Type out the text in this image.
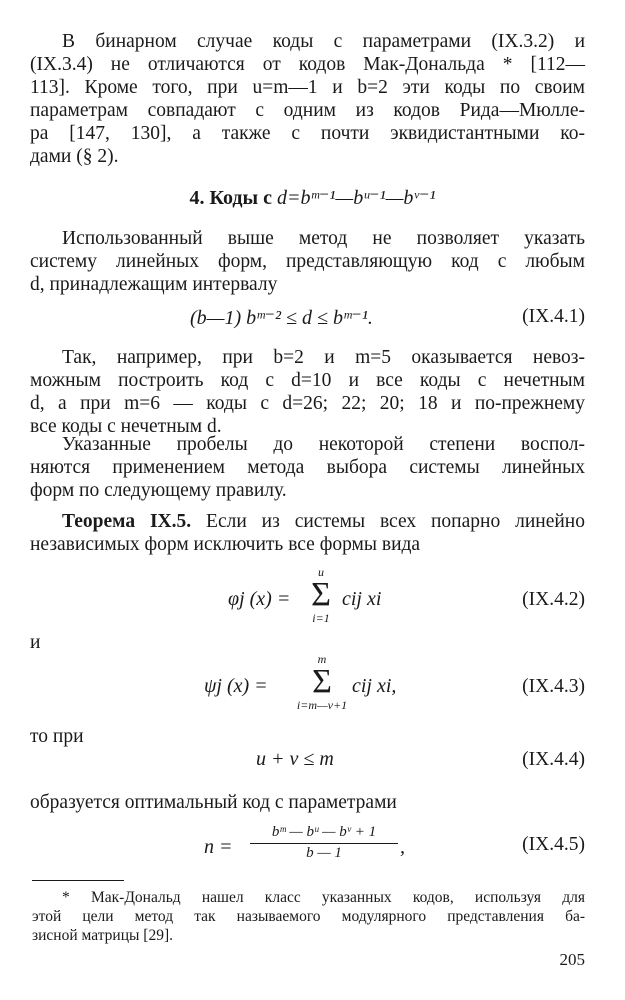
В бинарном случае коды с параметрами (IX.3.2) и
(IX.3.4) не отличаются от кодов Мак-Дональда * [112—
113]. Кроме того, при u=m—1 и b=2 эти коды по своим
параметрам совпадают с одним из кодов Рида—Мюлле-
ра [147, 130], а также с почти эквидистантными ко-
дами (§ 2).
4. Коды с d=bᵐ⁻¹—bᵘ⁻¹—bᵛ⁻¹
Использованный выше метод не позволяет указать
систему линейных форм, представляющую код с любым
d, принадлежащим интервалу
(b—1) bᵐ⁻² ≤ d ≤ bᵐ⁻¹.	(IX.4.1)
Так, например, при b=2 и m=5 оказывается невоз-
можным построить код с d=10 и все коды с нечетным
d, а при m=6 — коды с d=26; 22; 20; 18 и по-прежнему
все коды с нечетным d.
Указанные пробелы до некоторой степени воспол-
няются применением метода выбора системы линейных
форм по следующему правилу.
Теорема IX.5. Если из системы всех попарно линейно
независимых форм исключить все формы вида
φj (x) =
u
Σ
i=1
cij xi	(IX.4.2)
и
ψj (x) =
m
Σ
i=m—v+1
cij xi,	(IX.4.3)
то при
u + v ≤ m	(IX.4.4)
образуется оптимальный код с параметрами
$n = \frac{\text{bᵐ — bᵘ — bᵛ + 1}}{b — 1}$ ,	(IX.4.5)
* Мак-Дональд нашел класс указанных кодов, используя для
этой цели метод так называемого модулярного представления ба-
зисной матрицы [29].
205
